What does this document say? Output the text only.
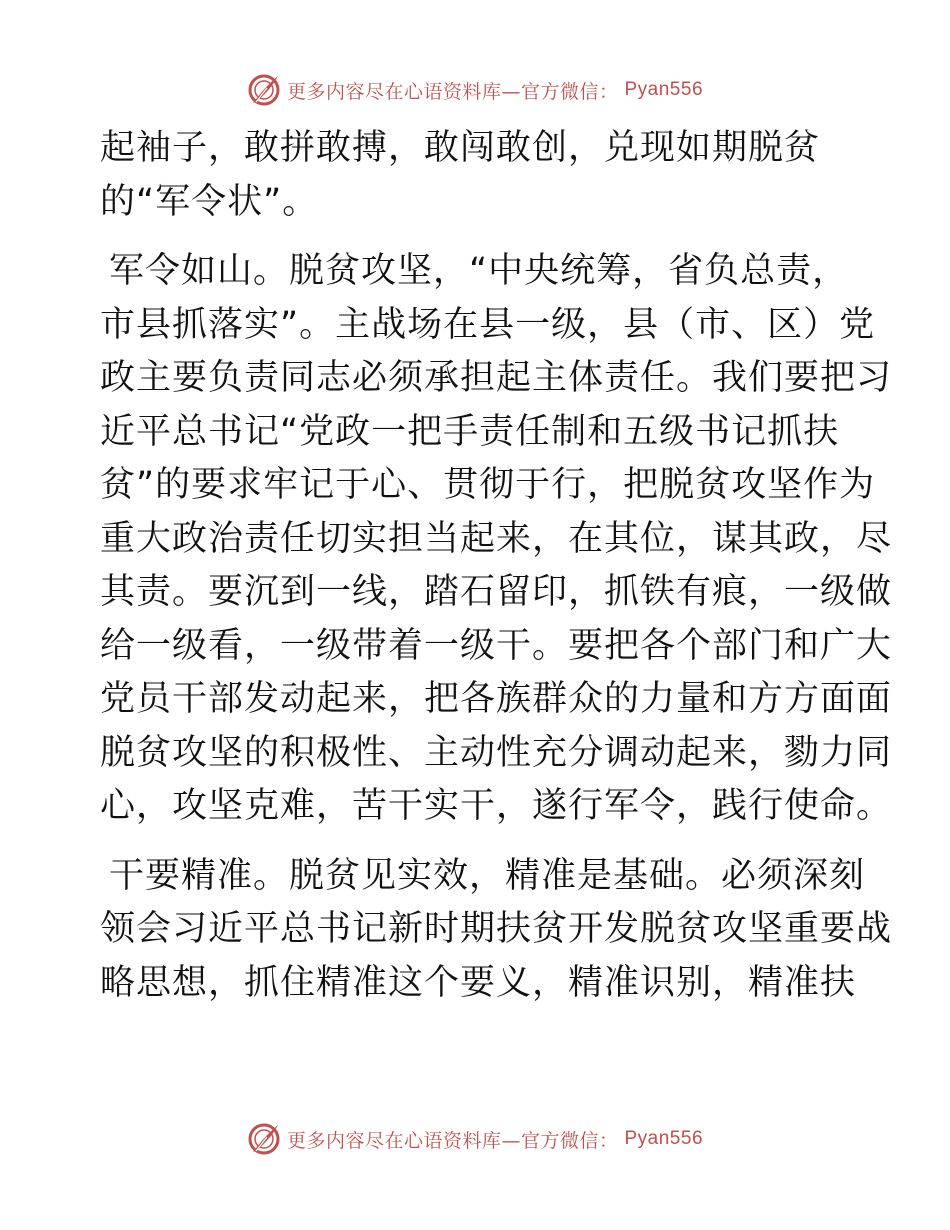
更多内容尽在心语资料库—官方微信： Pyan556
起袖子，敢拼敢搏，敢闯敢创，兑现如期脱贫
的“军令状”。
军令如山。脱贫攻坚，“中央统筹，省负总责，
市县抓落实”。主战场在县一级，县（市、区）党
政主要负责同志必须承担起主体责任。我们要把习
近平总书记“党政一把手责任制和五级书记抓扶
贫”的要求牢记于心、贯彻于行，把脱贫攻坚作为
重大政治责任切实担当起来，在其位，谋其政，尽
其责。要沉到一线，踏石留印，抓铁有痕，一级做
给一级看，一级带着一级干。要把各个部门和广大
党员干部发动起来，把各族群众的力量和方方面面
脱贫攻坚的积极性、主动性充分调动起来，勠力同
心，攻坚克难，苦干实干，遂行军令，践行使命。
干要精准。脱贫见实效，精准是基础。必须深刻
领会习近平总书记新时期扶贫开发脱贫攻坚重要战
略思想，抓住精准这个要义，精准识别，精准扶
更多内容尽在心语资料库—官方微信： Pyan556
